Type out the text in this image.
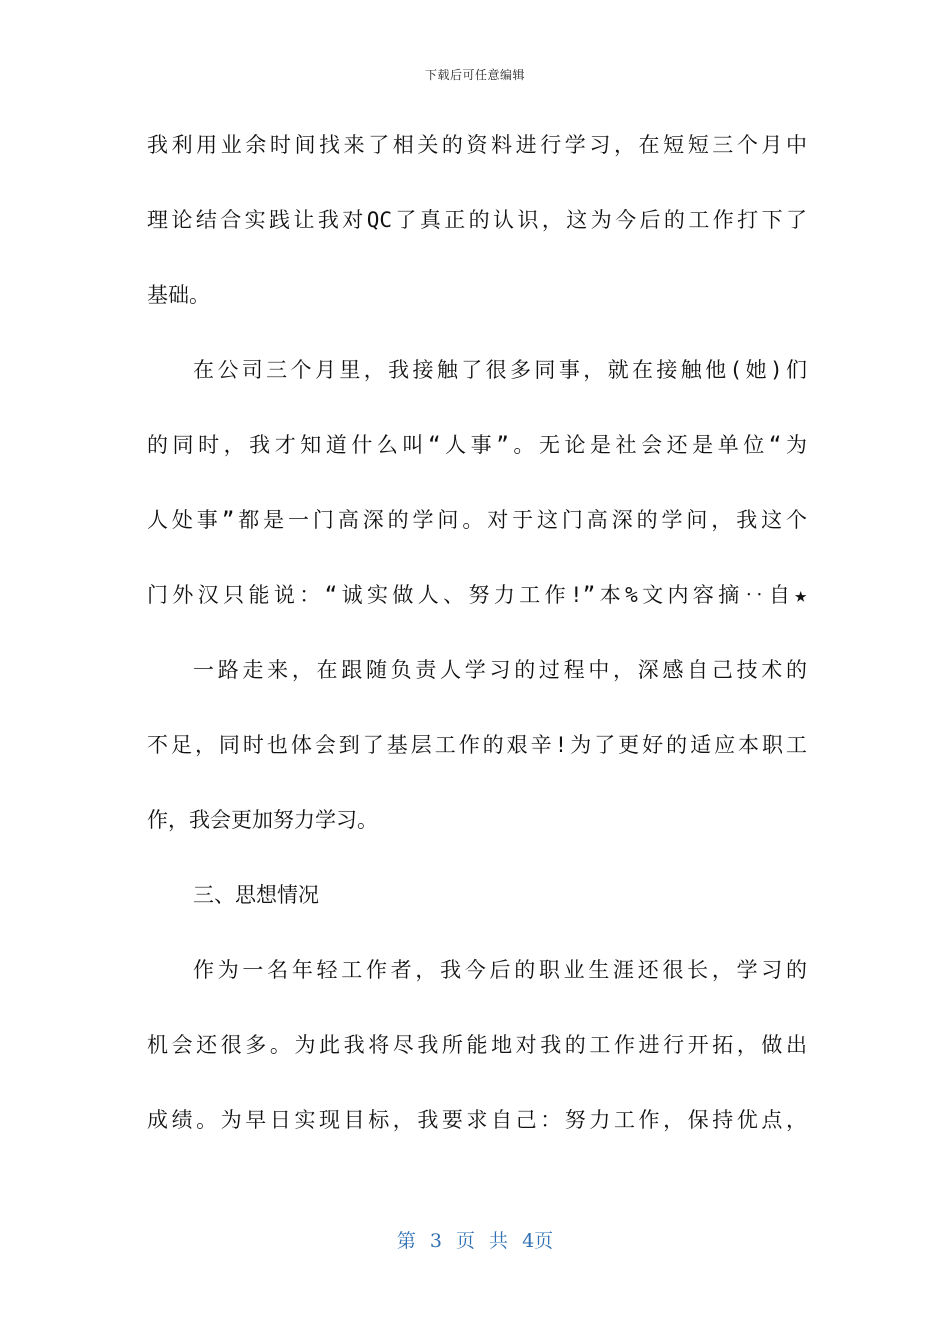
下载后可任意编辑
我利用业余时间找来了相关的资料进行学习，在短短三个月中
理论结合实践让我对QC了真正的认识，这为今后的工作打下了
基础。
在公司三个月里，我接触了很多同事，就在接触他(她)们
的同时，我才知道什么叫“人事”。无论是社会还是单位“为
人处事”都是一门高深的学问。对于这门高深的学问，我这个
门外汉只能说：“诚实做人、努力工作!”本%文内容摘‥自★
一路走来，在跟随负责人学习的过程中，深感自己技术的
不足，同时也体会到了基层工作的艰辛!为了更好的适应本职工
作，我会更加努力学习。
三、思想情况
作为一名年轻工作者，我今后的职业生涯还很长，学习的
机会还很多。为此我将尽我所能地对我的工作进行开拓，做出
成绩。为早日实现目标，我要求自己：努力工作，保持优点，
第 3 页 共 4页
